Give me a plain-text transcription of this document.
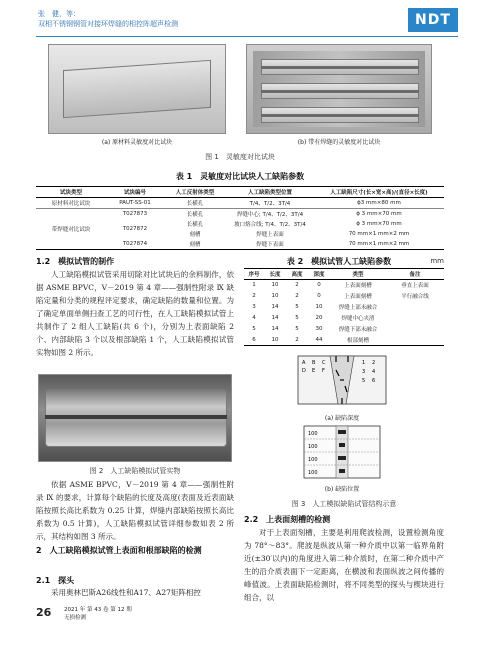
张　健，等：
双相不锈钢钢管对接环焊缝的相控阵超声检测	NDT
(a) 原材料灵敏度对比试块	(b) 带有焊缝的灵敏度对比试块
图 1　灵敏度对比试块
表 1　灵敏度对比试块人工缺陷参数
试块类型	试块编号	人工反射体类型	人工缺陷类型位置	人工缺陷尺寸(长×宽×高)/(直径×长度)
原材料对比试块	PAUT-SS-01	长横孔	T/4、T/2、3T/4	ϕ3 mm×80 mm
带焊缝对比试块	T027873	长横孔	焊缝中心; T/4、T/2、3T/4	ϕ 3 mm×70 mm
	T027872	长横孔	坡口熔合线; T/4、T/2、3T/4	ϕ 3 mm×70 mm
		刻槽	焊缝上表面	70 mm×1 mm×2 mm
	T027874	刻槽	焊缝下表面	70 mm×1 mm×2 mm
1.2　模拟试管的制作
人工缺陷模拟试管采用切除对比试块后的余料制作，依据 ASME BPVC，Ⅴ－2019 第 4 章——强制性附录 Ⅸ 缺陷定量和分类的规程评定要求，确定缺陷的数量和位置。为了确定单面单侧扫查工艺的可行性，在人工缺陷模拟试管上共制作了 2 组人工缺陷(共 6 个)，分别为上表面缺陷 2 个、内部缺陷 3 个以及根部缺陷 1 个，人工缺陷模拟试管实物如图 2 所示。
图 2　人工缺陷模拟试管实物
依据 ASME BPVC，Ⅴ－2019 第 4 章——强制性附录 Ⅸ 的要求，计算每个缺陷的长度及高度(表面及近表面缺陷按照长高比系数为 0.25 计算，焊缝内部缺陷按照长高比系数为 0.5 计算)，人工缺陷模拟试管详细参数如表 2 所示，其结构如图 3 所示。
2　人工缺陷模拟试管上表面和根部缺陷的检测
2.1　探头
采用奥林巴斯A26线性和A17、A27矩阵相控
表 2　模拟试管人工缺陷参数	mm
序号	长度	高度	深度	类型	备注
1	10	2	0	上表面刻槽	垂直上表面
2	10	2	0	上表面刻槽	平行融合线
3	14	5	10	焊缝上部未融合	
4	14	5	20	焊缝中心夹渣	
5	14	5	30	焊缝下部未融合	
6	10	2	44	根部刻槽	
A B C
D E F
1 2
3 4
5 6
(a) 缺陷深度
100
100
100
100
(b) 缺陷位置
图 3　人工模拟缺陷试管结构示意
2.2　上表面刻槽的检测
对于上表面刻槽，主要是利用爬波检测，设置检测角度为 78°～83°。爬波是纵波从第一种介质中以第一临界角附近(±30′以内)的角度进入第二种介质时，在第二种介质中产生的沿介质表面下一定距离，在横波和表面纵波之间传播的峰值波。上表面缺陷检测时，将不同类型的探头与楔块进行组合，以
26 2021 年 第 43 卷 第 12 期
无损检测
